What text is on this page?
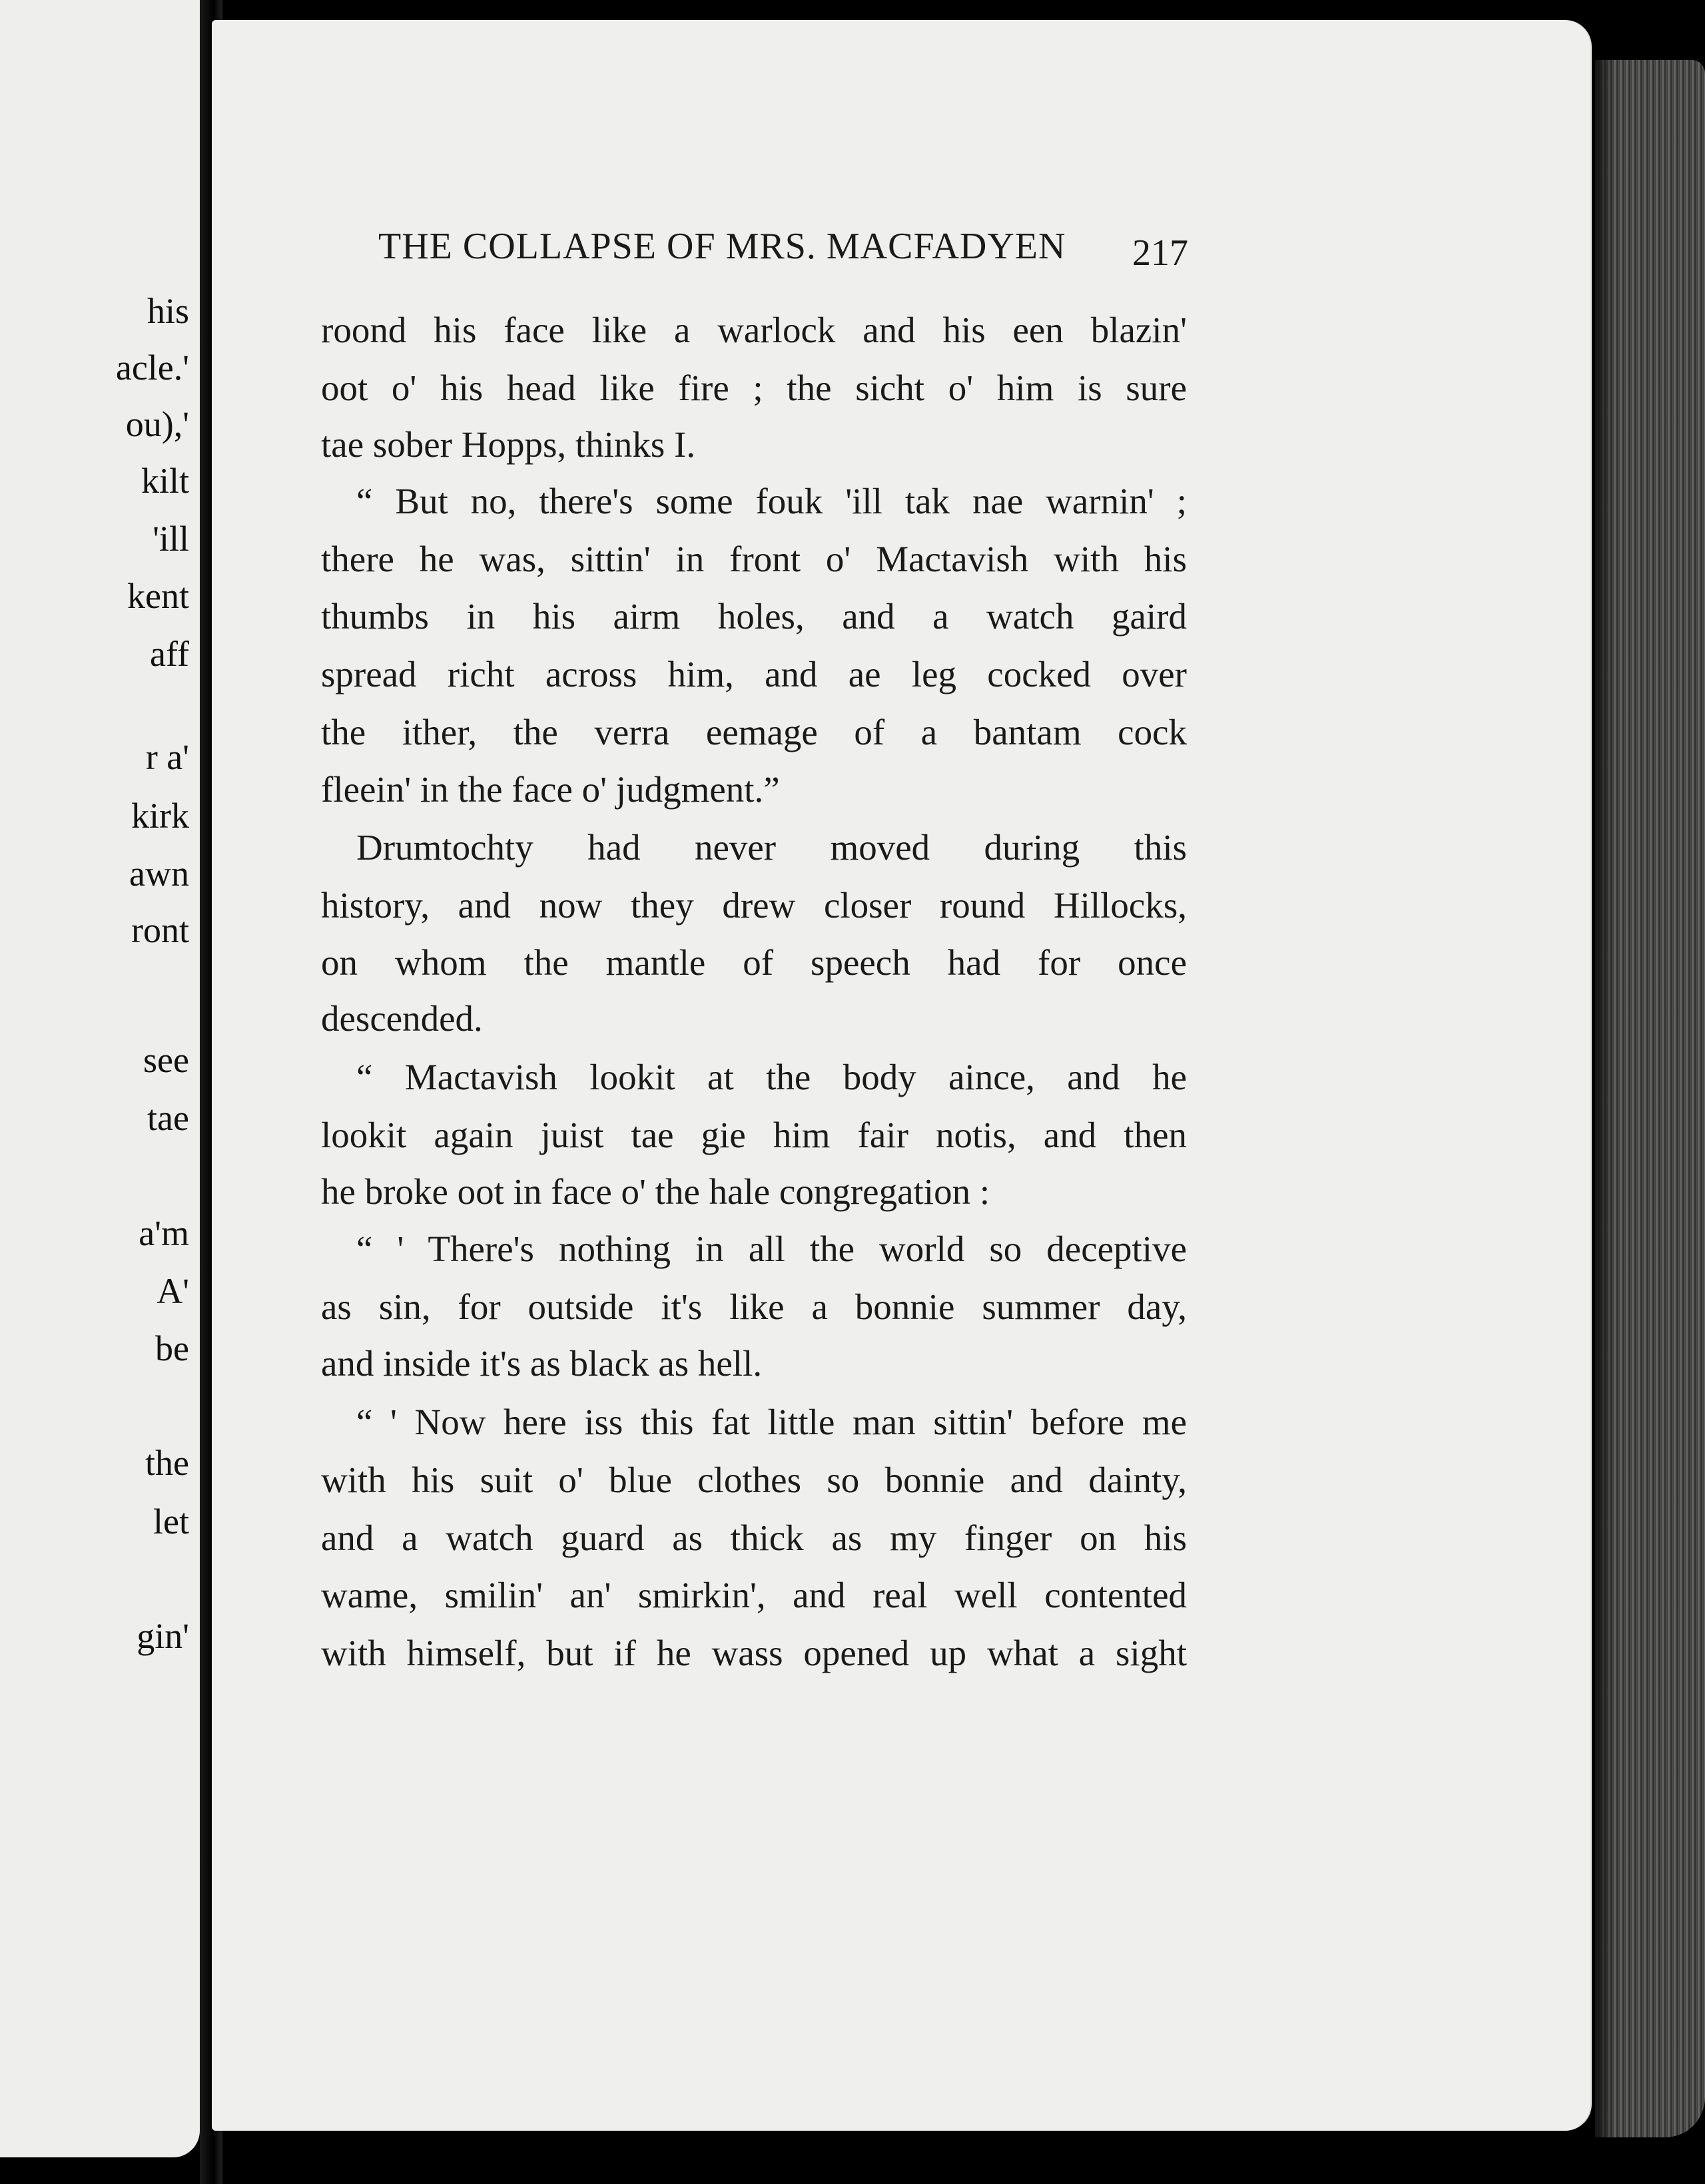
his
acle.'
ou),'
kilt
'ill
kent
aff
r a'
kirk
awn
ront
see
tae
a'm
A'
be
the
let
gin'
THE COLLAPSE OF MRS. MACFADYEN 217
roond his face like a warlock and his een blazin'
oot o' his head like fire ; the sicht o' him is sure
tae sober Hopps, thinks I.
“ But no, there's some fouk 'ill tak nae warnin' ;
there he was, sittin' in front o' Mactavish with his
thumbs in his airm holes, and a watch gaird
spread richt across him, and ae leg cocked over
the ither, the verra eemage of a bantam cock
fleein' in the face o' judgment.”
Drumtochty had never moved during this
history, and now they drew closer round Hillocks,
on whom the mantle of speech had for once
descended.
“ Mactavish lookit at the body aince, and he
lookit again juist tae gie him fair notis, and then
he broke oot in face o' the hale congregation :
“ ' There's nothing in all the world so deceptive
as sin, for outside it's like a bonnie summer day,
and inside it's as black as hell.
“ ' Now here iss this fat little man sittin' before me
with his suit o' blue clothes so bonnie and dainty,
and a watch guard as thick as my finger on his
wame, smilin' an' smirkin', and real well contented
with himself, but if he wass opened up what a sight
